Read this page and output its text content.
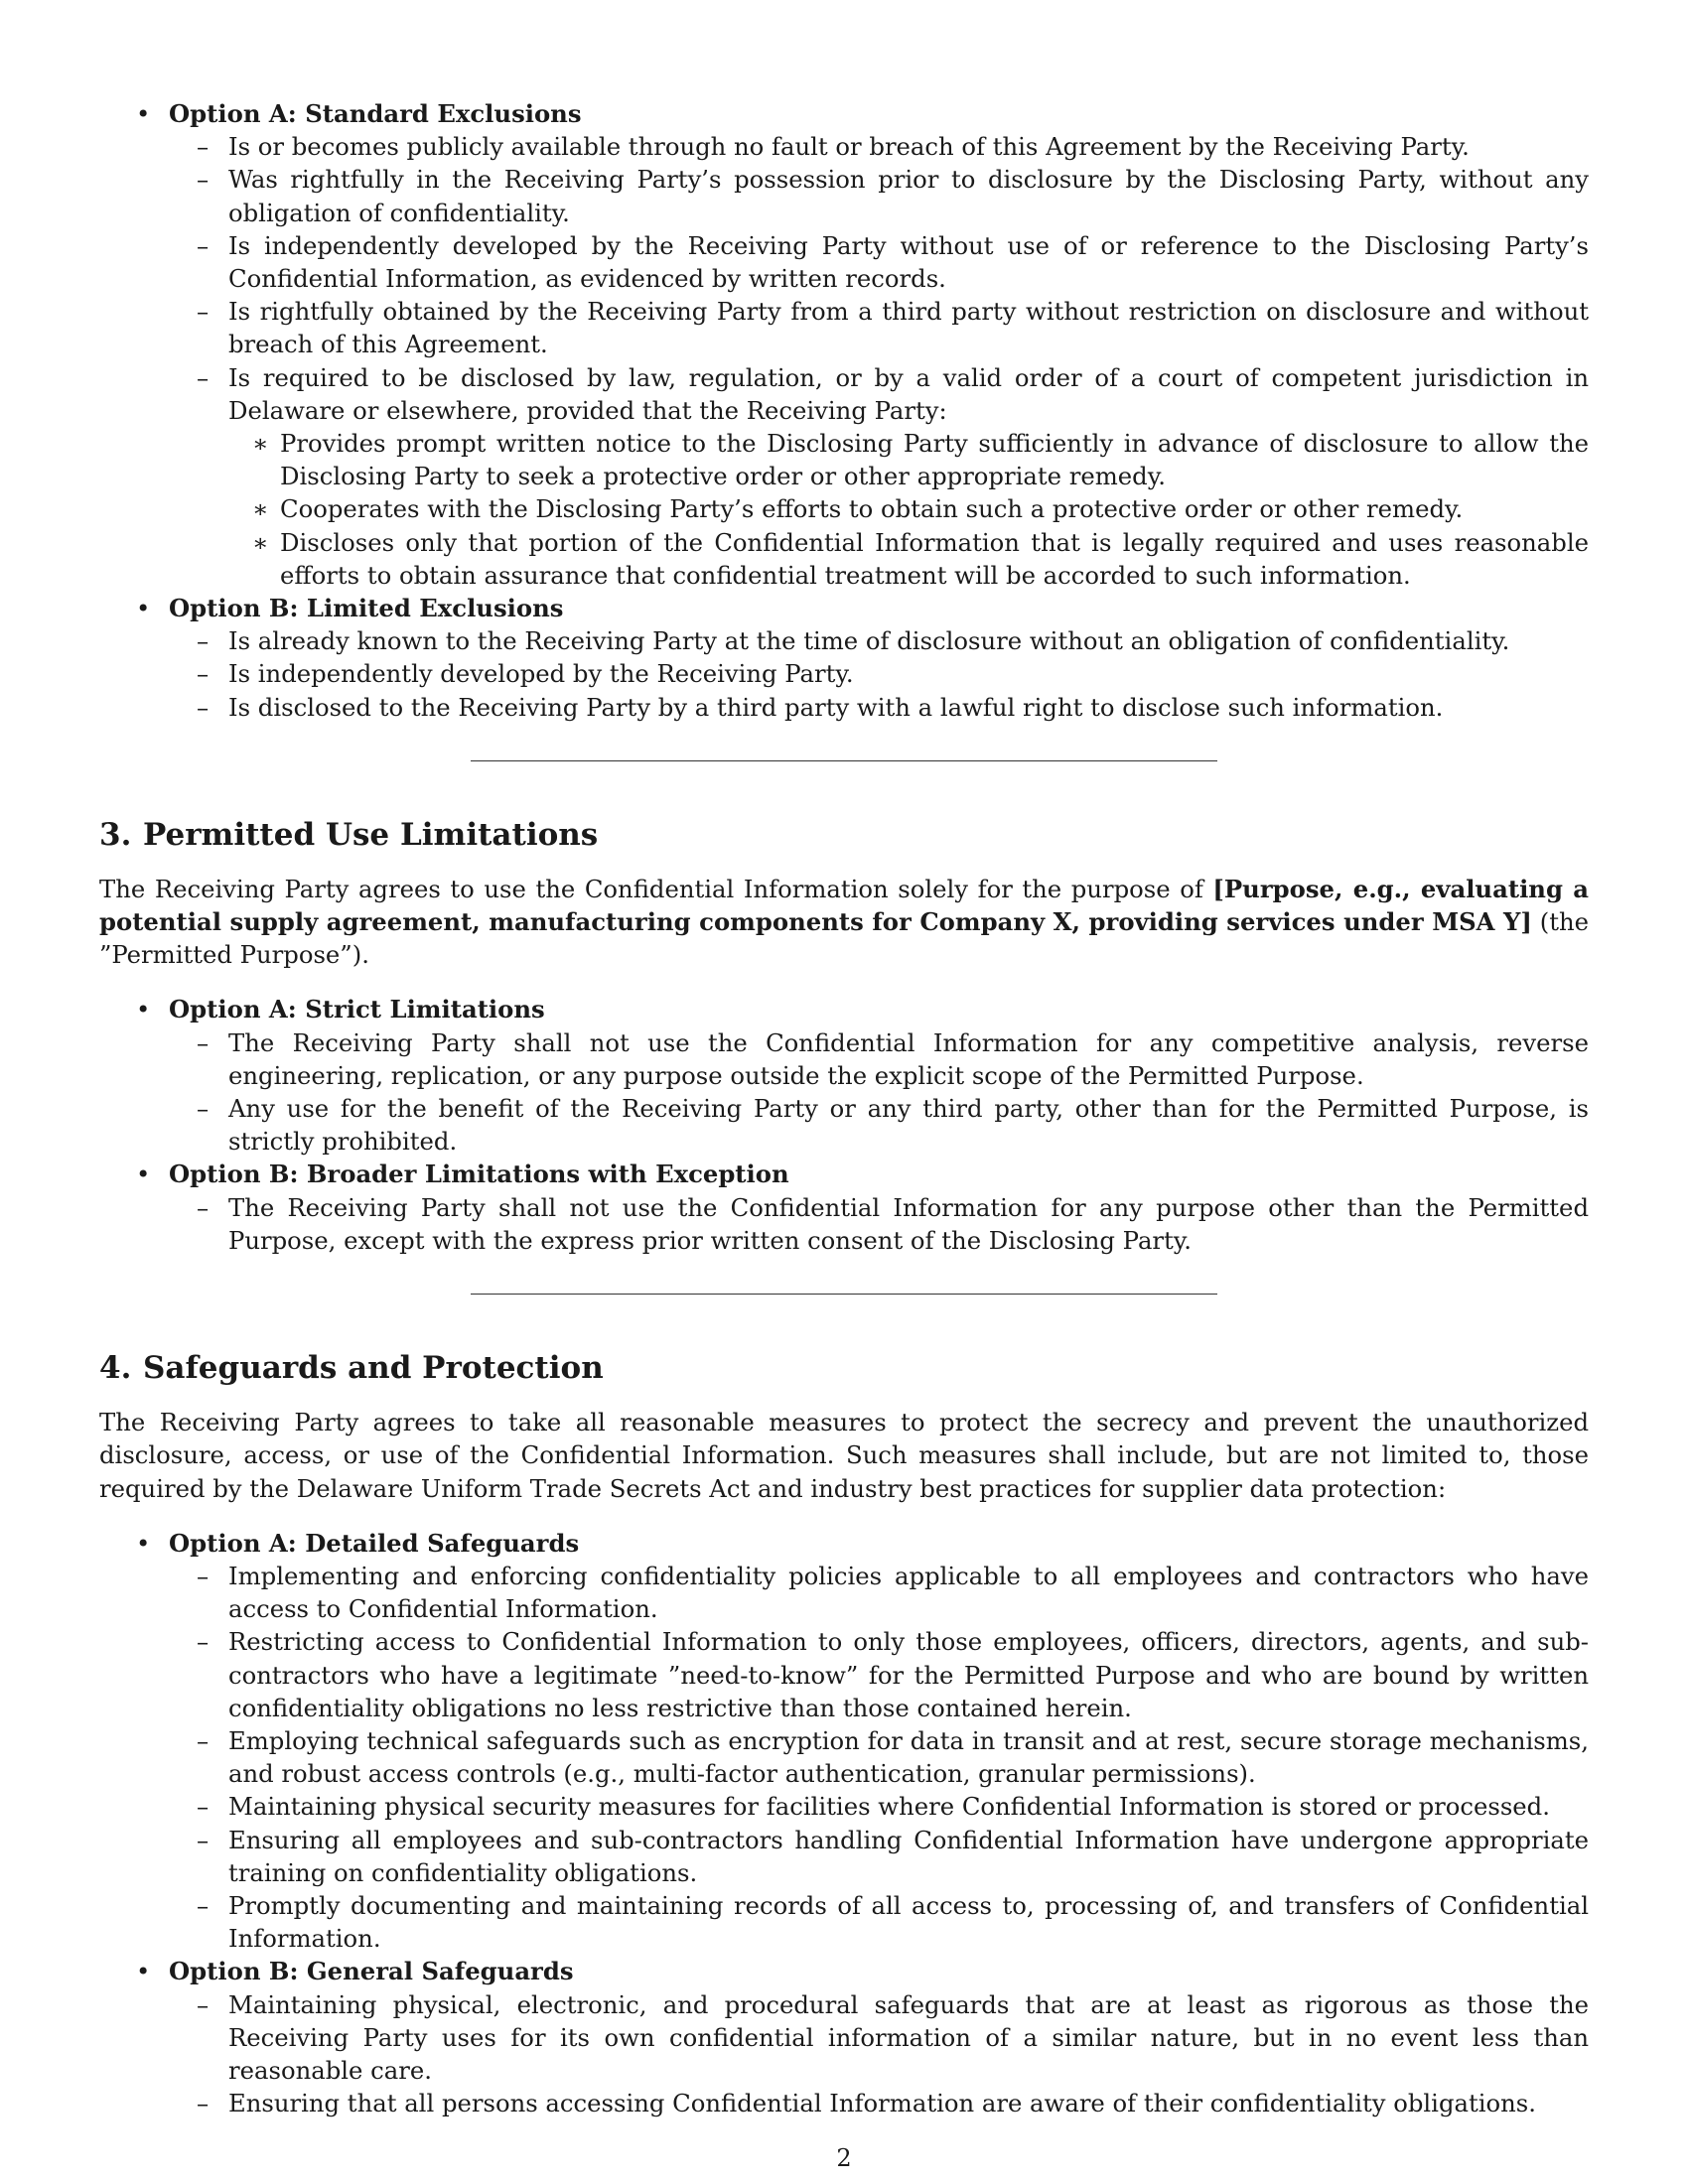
• Option A: Standard Exclusions
– Is or becomes publicly available through no fault or breach of this Agreement by the Receiving Party.
– Was rightfully in the Receiving Party’s possession prior to disclosure by the Disclosing Party, without any obligation of confidentiality.
– Is independently developed by the Receiving Party without use of or reference to the Disclosing Party’s Confidential Information, as evidenced by written records.
– Is rightfully obtained by the Receiving Party from a third party without restriction on disclosure and without breach of this Agreement.
– Is required to be disclosed by law, regulation, or by a valid order of a court of competent jurisdiction in Delaware or elsewhere, provided that the Receiving Party:
∗ Provides prompt written notice to the Disclosing Party sufficiently in advance of disclosure to allow the Disclosing Party to seek a protective order or other appropriate remedy.
∗ Cooperates with the Disclosing Party’s efforts to obtain such a protective order or other remedy.
∗ Discloses only that portion of the Confidential Information that is legally required and uses reasonable efforts to obtain assurance that confidential treatment will be accorded to such information.
• Option B: Limited Exclusions
– Is already known to the Receiving Party at the time of disclosure without an obligation of confidentiality.
– Is independently developed by the Receiving Party.
– Is disclosed to the Receiving Party by a third party with a lawful right to disclose such information.
3. Permitted Use Limitations

The Receiving Party agrees to use the Confidential Information solely for the purpose of [Purpose, e.g., evaluating a potential supply agreement, manufacturing components for Company X, providing services under MSA Y] (the ”Permitted Purpose”).

• Option A: Strict Limitations
– The Receiving Party shall not use the Confidential Information for any competitive analysis, reverse engineering, replication, or any purpose outside the explicit scope of the Permitted Purpose.
– Any use for the benefit of the Receiving Party or any third party, other than for the Permitted Purpose, is strictly prohibited.
• Option B: Broader Limitations with Exception
– The Receiving Party shall not use the Confidential Information for any purpose other than the Permitted Purpose, except with the express prior written consent of the Disclosing Party.
4. Safeguards and Protection

The Receiving Party agrees to take all reasonable measures to protect the secrecy and prevent the unauthorized disclosure, access, or use of the Confidential Information. Such measures shall include, but are not limited to, those required by the Delaware Uniform Trade Secrets Act and industry best practices for supplier data protection:

• Option A: Detailed Safeguards
– Implementing and enforcing confidentiality policies applicable to all employees and contractors who have access to Confidential Information.
– Restricting access to Confidential Information to only those employees, officers, directors, agents, and sub-contractors who have a legitimate ”need-to-know” for the Permitted Purpose and who are bound by written confidentiality obligations no less restrictive than those contained herein.
– Employing technical safeguards such as encryption for data in transit and at rest, secure storage mechanisms, and robust access controls (e.g., multi-factor authentication, granular permissions).
– Maintaining physical security measures for facilities where Confidential Information is stored or processed.
– Ensuring all employees and sub-contractors handling Confidential Information have undergone appropriate training on confidentiality obligations.
– Promptly documenting and maintaining records of all access to, processing of, and transfers of Confidential Information.
• Option B: General Safeguards
– Maintaining physical, electronic, and procedural safeguards that are at least as rigorous as those the Receiving Party uses for its own confidential information of a similar nature, but in no event less than reasonable care.
– Ensuring that all persons accessing Confidential Information are aware of their confidentiality obligations.
2
